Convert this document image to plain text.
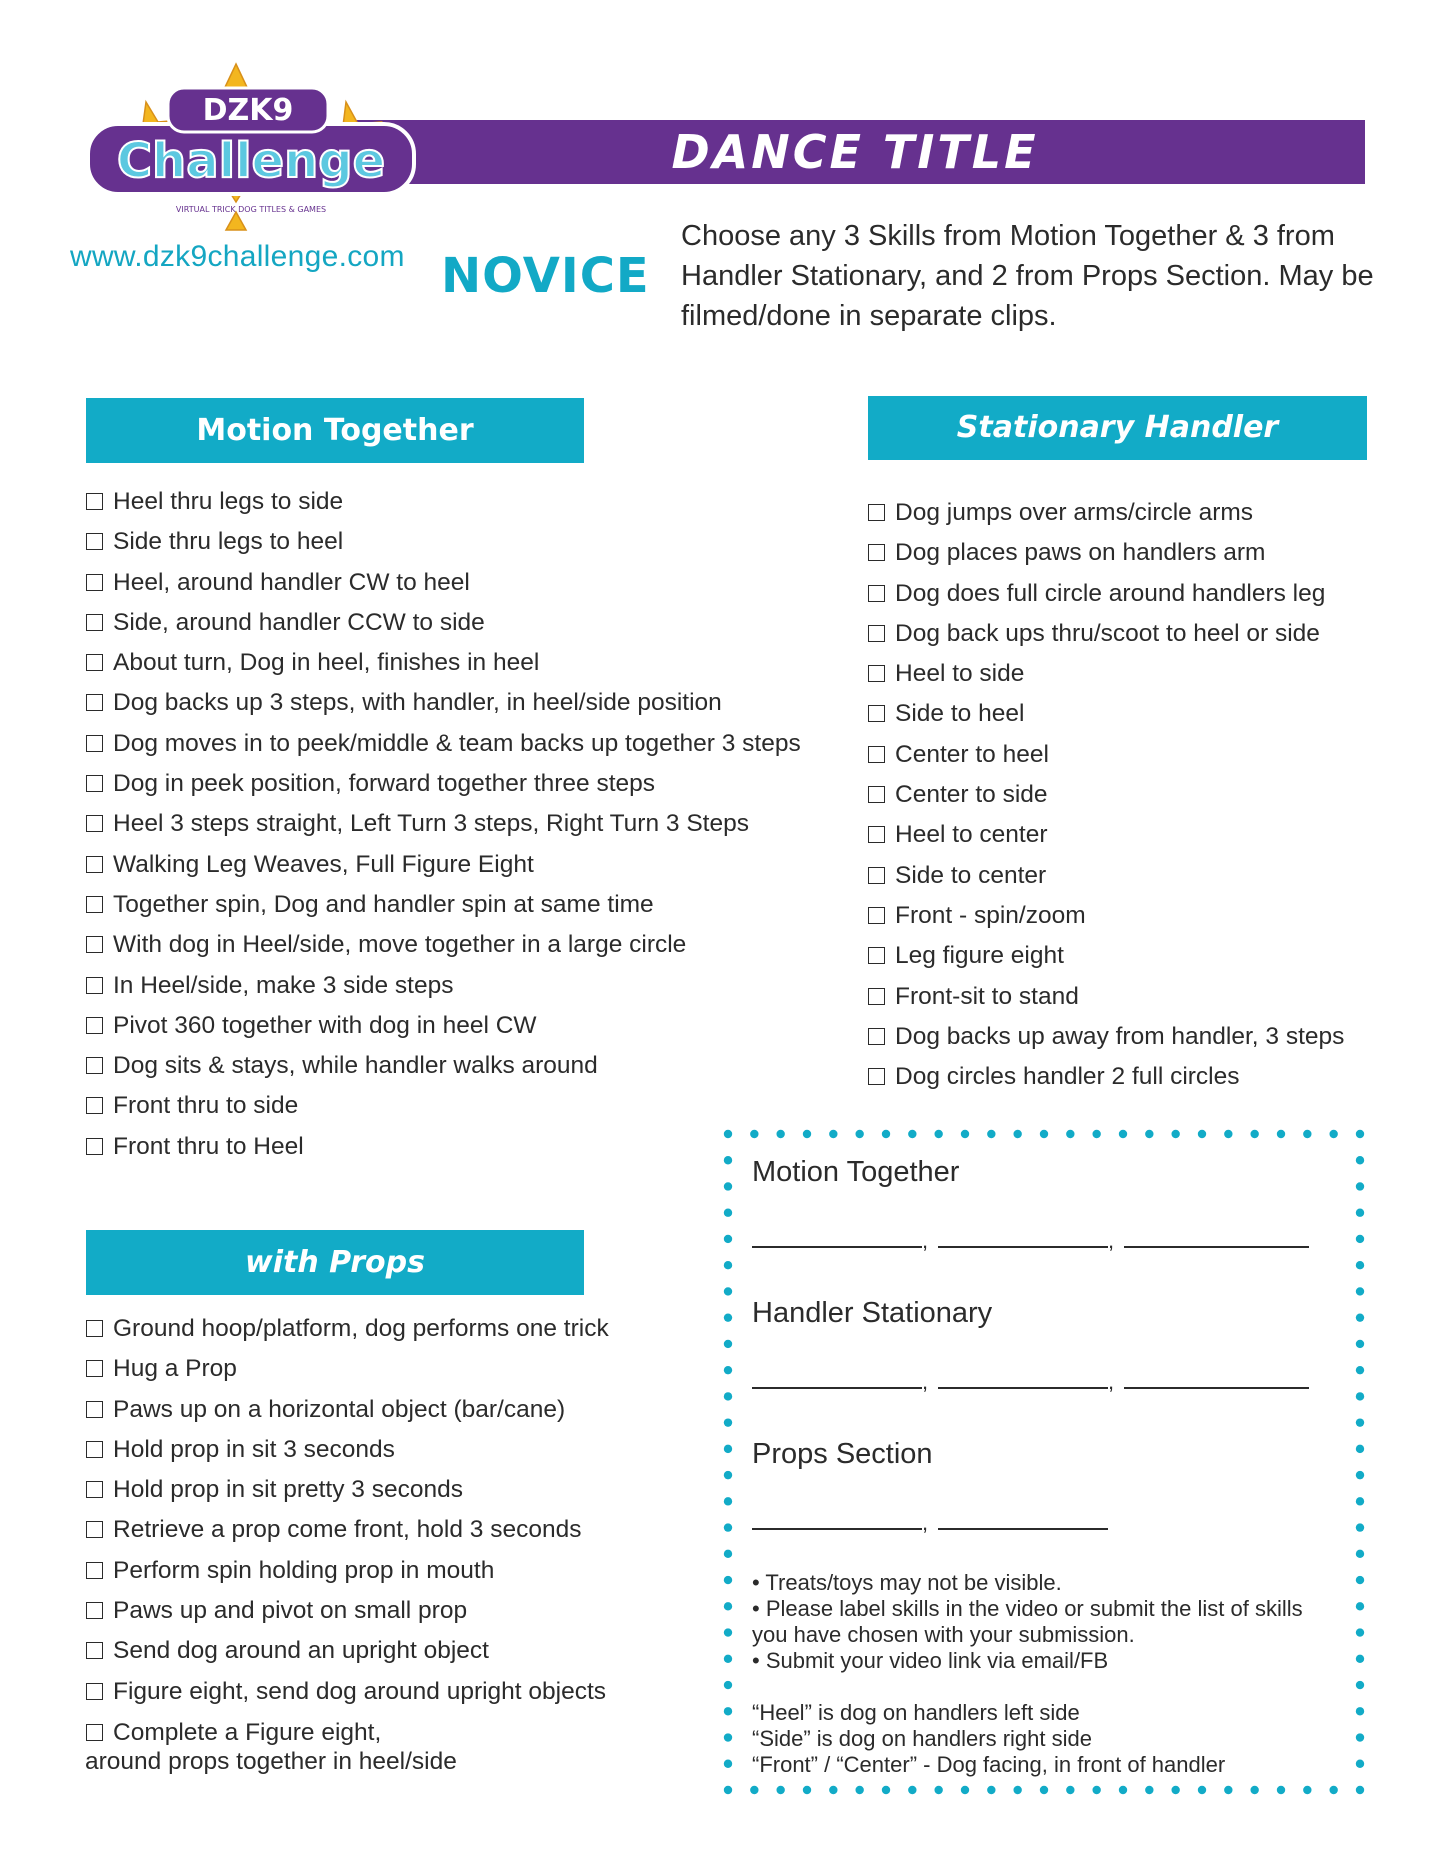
DANCE TITLE
DZK9
Challenge
VIRTUAL TRICK DOG TITLES & GAMES
www.dzk9challenge.com NOVICE
Choose any 3 Skills from Motion Together & 3 from Handler Stationary, and 2 from Props Section. May be filmed/done in separate clips.
Motion Together	Stationary Handler
with Props
Heel thru legs to side
Side thru legs to heel
Heel, around handler CW to heel
Side, around handler CCW to side
About turn, Dog in heel, finishes in heel
Dog backs up 3 steps, with handler, in heel/side position
Dog moves in to peek/middle & team backs up together 3 steps
Dog in peek position, forward together three steps
Heel 3 steps straight, Left Turn 3 steps, Right Turn 3 Steps
Walking Leg Weaves, Full Figure Eight
Together spin, Dog and handler spin at same time
With dog in Heel/side, move together in a large circle
In Heel/side, make 3 side steps
Pivot 360 together with dog in heel CW
Dog sits & stays, while handler walks around
Front thru to side
Front thru to Heel
Dog jumps over arms/circle arms
Dog places paws on handlers arm
Dog does full circle around handlers leg
Dog back ups thru/scoot to heel or side
Heel to side
Side to heel
Center to heel
Center to side
Heel to center
Side to center
Front - spin/zoom
Leg figure eight
Front-sit to stand
Dog backs up away from handler, 3 steps
Dog circles handler 2 full circles
Ground hoop/platform, dog performs one trick
Hug a Prop
Paws up on a horizontal object (bar/cane)
Hold prop in sit 3 seconds
Hold prop in sit pretty 3 seconds
Retrieve a prop come front, hold 3 seconds
Perform spin holding prop in mouth
Paws up and pivot on small prop
Send dog around an upright object
Figure eight, send dog around upright objects
Complete a Figure eight,
around props together in heel/side
Motion Together
,	,
Handler Stationary
,	,
Props Section
,
• Treats/toys may not be visible.
• Please label skills in the video or submit the list of skills you have chosen with your submission.
• Submit your video link via email/FB
“Heel” is dog on handlers left side
“Side” is dog on handlers right side
“Front” / “Center” - Dog facing, in front of handler
